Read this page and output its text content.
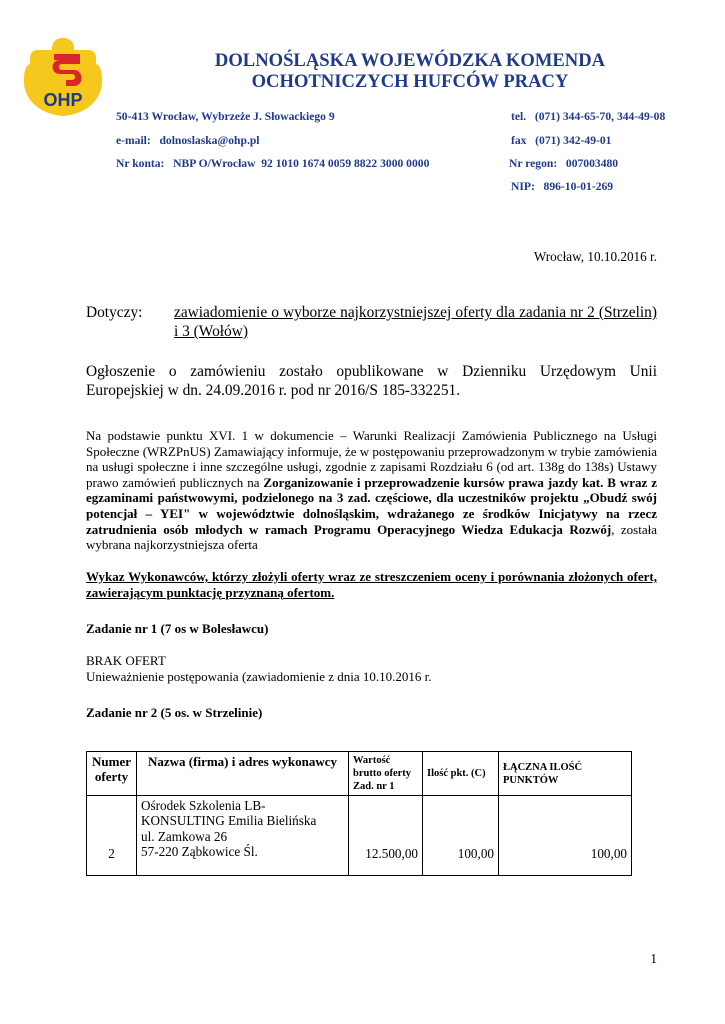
OHP
DOLNOŚLĄSKA WOJEWÓDZKA KOMENDA
OCHOTNICZYCH HUFCÓW PRACY
50-413 Wrocław, Wybrzeże J. Słowackiego 9
e-mail: dolnoslaska@ohp.pl
Nr konta: NBP O/Wrocław  92 1010 1674 0059 8822 3000 0000
tel. (071) 344-65-70, 344-49-08
fax (071) 342-49-01
Nr regon: 007003480
NIP: 896-10-01-269
Wrocław, 10.10.2016 r.
Dotyczy:	zawiadomienie o wyborze najkorzystniejszej oferty dla zadania nr 2 (Strzelin) i 3 (Wołów)
Ogłoszenie o zamówieniu zostało opublikowane w Dzienniku Urzędowym Unii Europejskiej w dn. 24.09.2016 r. pod nr 2016/S 185-332251.
Na podstawie punktu XVI. 1 w dokumencie – Warunki Realizacji Zamówienia Publicznego na Usługi Społeczne (WRZPnUS) Zamawiający informuje, że w postępowaniu przeprowadzonym w trybie zamówienia na usługi społeczne i inne szczególne usługi, zgodnie z zapisami Rozdziału 6 (od art. 138g do 138s) Ustawy prawo zamówień publicznych na Zorganizowanie i przeprowadzenie kursów prawa jazdy kat. B wraz z egzaminami państwowymi, podzielonego na 3 zad. częściowe, dla uczestników projektu „Obudź swój potencjał – YEI" w województwie dolnośląskim, wdrażanego ze środków Inicjatywy na rzecz zatrudnienia osób młodych w ramach Programu Operacyjnego Wiedza Edukacja Rozwój, została wybrana najkorzystniejsza oferta
Wykaz Wykonawców, którzy złożyli oferty wraz ze streszczeniem oceny i porównania złożonych ofert, zawierającym punktację przyznaną ofertom.
Zadanie nr 1 (7 os w Bolesławcu)
BRAK OFERT
Unieważnienie postępowania (zawiadomienie z dnia 10.10.2016 r.
Zadanie nr 2 (5 os. w Strzelinie)
Numer oferty	Nazwa (firma) i adres wykonawcy	Wartość brutto oferty Zad. nr 1	Ilość pkt. (C)	ŁĄCZNA ILOŚĆ PUNKTÓW
2	Ośrodek Szkolenia LB-KONSULTING Emilia Bielińska
ul. Zamkowa 26
57-220 Ząbkowice Śl.	12.500,00	100,00	100,00
1
